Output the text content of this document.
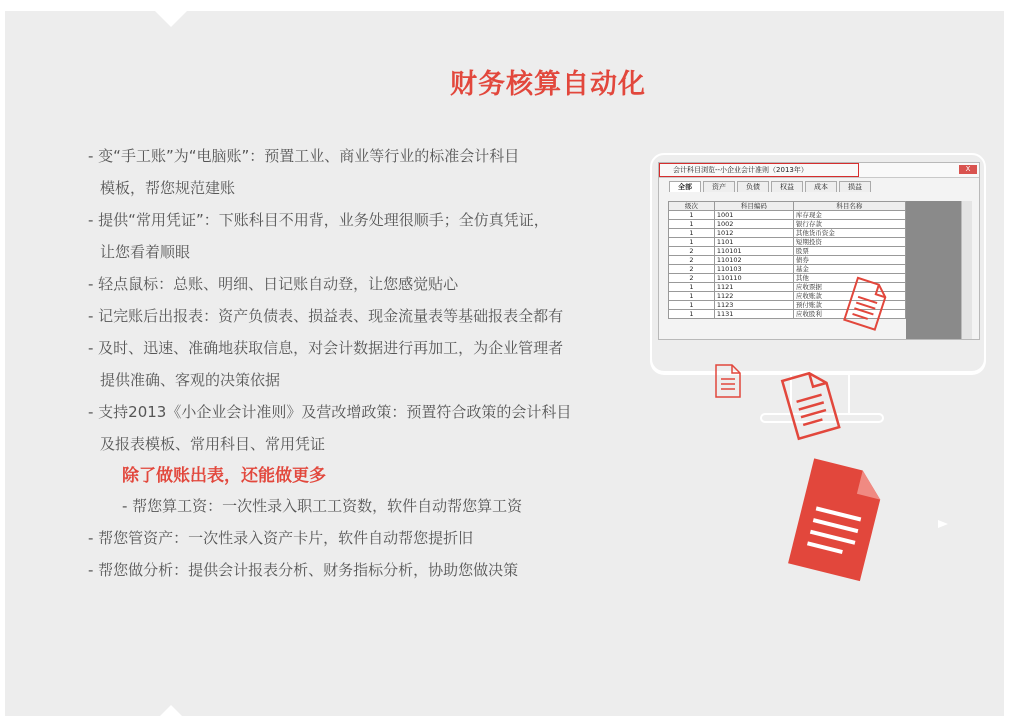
财务核算自动化
- 变“手工账”为“电脑账”：预置工业、商业等行业的标准会计科目
模板，帮您规范建账
- 提供“常用凭证”：下账科目不用背，业务处理很顺手；全仿真凭证，
让您看着顺眼
- 轻点鼠标：总账、明细、日记账自动登，让您感觉贴心
- 记完账后出报表：资产负债表、损益表、现金流量表等基础报表全都有
- 及时、迅速、准确地获取信息，对会计数据进行再加工，为企业管理者
提供准确、客观的决策依据
- 支持2013《小企业会计准则》及营改增政策：预置符合政策的会计科目
及报表模板、常用科目、常用凭证
除了做账出表，还能做更多
- 帮您算工资：一次性录入职工工资数，软件自动帮您算工资
- 帮您管资产：一次性录入资产卡片，软件自动帮您提折旧
- 帮您做分析：提供会计报表分析、财务指标分析，协助您做决策
会计科目浏览--小企业会计准则（2013年）	X
全部	资产	负债	权益	成本	损益
级次	科目编码	科目名称
1	1001	库存现金
1	1002	银行存款
1	1012	其他货币资金
1	1101	短期投资
2	110101	股票
2	110102	债券
2	110103	基金
2	110110	其他
1	1121	应收票据
1	1122	应收账款
1	1123	预付账款
1	1131	应收股利
